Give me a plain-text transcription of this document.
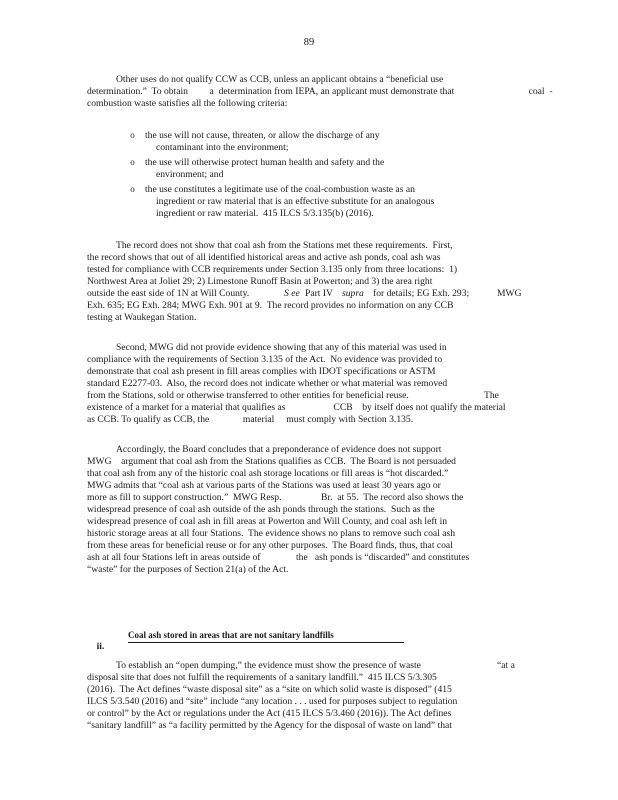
89
Other uses do not qualify CCW as CCB, unless an applicant obtains a “beneficial use
determination.”  To obtain         a  determination from IEPA, an applicant must demonstrate that                               coal  -
combustion waste satisfies all the following criteria:
o the use will not cause, threaten, or allow the discharge of any
contaminant into the environment;
o the use will otherwise protect human health and safety and the
environment; and
o the use constitutes a legitimate use of the coal-combustion waste as an
ingredient or raw material that is an effective substitute for an analogous
ingredient or raw material.  415 ILCS 5/3.135(b) (2016).
The record does not show that coal ash from the Stations met these requirements.  First,
the record shows that out of all identified historical areas and active ash ponds, coal ash was
tested for compliance with CCB requirements under Section 3.135 only from three locations:  1)
Northwest Area at Joliet 29; 2) Limestone Runoff Basin at Powerton; and 3) the area right
outside the east side of 1N at Will County.	S ee Part IV supra for details; EG Exh. 293;	MWG
Exh. 635; EG Exh. 284; MWG Exh. 901 at 9.  The record provides no information on any CCB
testing at Waukegan Station.
Second, MWG did not provide evidence showing that any of this material was used in
compliance with the requirements of Section 3.135 of the Act.  No evidence was provided to
demonstrate that coal ash present in fill areas complies with IDOT specifications or ASTM
standard E2277-03.  Also, the record does not indicate whether or what material was removed
from the Stations, sold or otherwise transferred to other entities for beneficial reuse.	The
existence of a market for a material that qualifies as                    CCB    by itself does not qualify the material
as CCB. To qualify as CCB, the              material     must comply with Section 3.135.
Accordingly, the Board concludes that a preponderance of evidence does not support
MWG    argument that coal ash from the Stations qualifies as CCB.  The Board is not persuaded
that coal ash from any of the historic coal ash storage locations or fill areas is “hot discarded.”
MWG admits that “coal ash at various parts of the Stations was used at least 30 years ago or
more as fill to support construction.”  MWG Resp.	Br.  at 55.  The record also shows the
widespread presence of coal ash outside of the ash ponds through the stations.  Such as the
widespread presence of coal ash in fill areas at Powerton and Will County, and coal ash left in
historic storage areas at all four Stations.  The evidence shows no plans to remove such coal ash
from these areas for beneficial reuse or for any other purposes.  The Board finds, thus, that coal
ash at all four Stations left in areas outside of	the   ash ponds is “discarded” and constitutes
“waste” for the purposes of Section 21(a) of the Act.

ii.

Coal ash stored in areas that are not sanitary landfills

To establish an “open dumping,” the evidence must show the presence of waste	“at a
disposal site that does not fulfill the requirements of a sanitary landfill.”  415 ILCS 5/3.305
(2016).  The Act defines “waste disposal site” as a “site on which solid waste is disposed” (415
ILCS 5/3.540 (2016) and “site” include “any location . . . used for purposes subject to regulation
or control” by the Act or regulations under the Act (415 ILCS 5/3.460 (2016)). The Act defines
“sanitary landfill” as “a facility permitted by the Agency for the disposal of waste on land” that
